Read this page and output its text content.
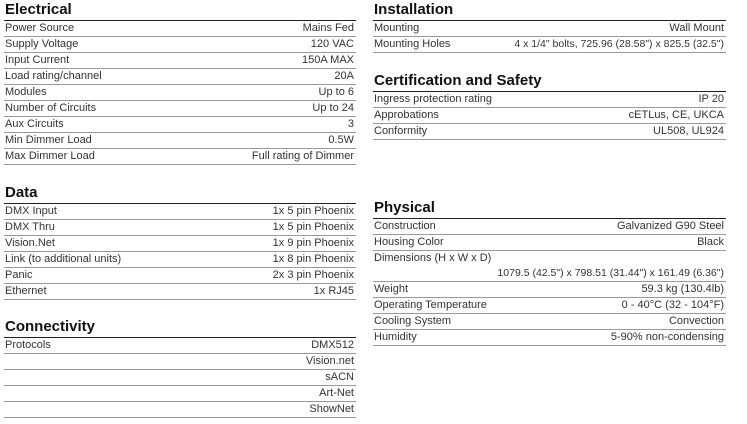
Electrical
Power Source	Mains Fed
Supply Voltage	120 VAC
Input Current	150A MAX
Load rating/channel	20A
Modules	Up to 6
Number of Circuits	Up to 24
Aux Circuits	3
Min Dimmer Load	0.5W
Max Dimmer Load	Full rating of Dimmer
Data
DMX Input	1x 5 pin Phoenix
DMX Thru	1x 5 pin Phoenix
Vision.Net	1x 9 pin Phoenix
Link (to additional units)	1x 8 pin Phoenix
Panic	2x 3 pin Phoenix
Ethernet	1x RJ45
Connectivity
Protocols	DMX512
Vision.net
sACN
Art-Net
ShowNet
Installation
Mounting	Wall Mount
Mounting Holes	4 x 1/4" bolts, 725.96 (28.58") x 825.5 (32.5")
Certification and Safety
Ingress protection rating	IP 20
Approbations	cETLus, CE, UKCA
Conformity	UL508, UL924
Physical
Construction	Galvanized G90 Steel
Housing Color	Black
Dimensions (H x W x D)
1079.5 (42.5") x 798.51 (31.44") x 161.49 (6.36")
Weight	59.3 kg (130.4lb)
Operating Temperature	0 - 40°C (32 - 104°F)
Cooling System	Convection
Humidity	5-90% non-condensing
